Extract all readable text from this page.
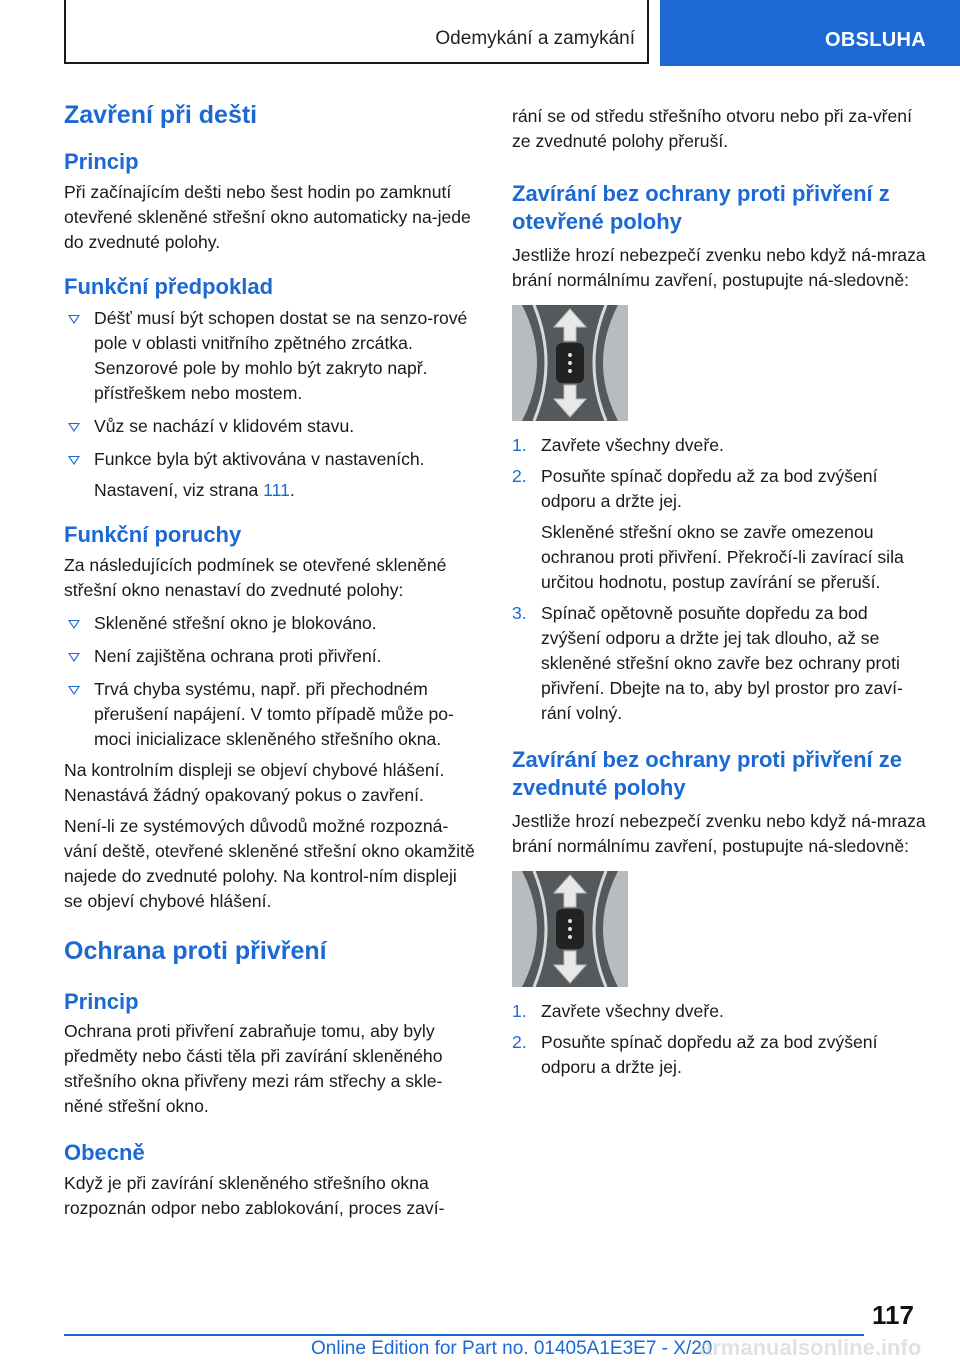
Odemykání a zamykání	OBSLUHA
Zavření při dešti
Princip

Při začínajícím dešti nebo šest hodin po zamknutí otevřené skleněné střešní okno automaticky na-jede do zvednuté polohy.

Funkční předpoklad
Déšť musí být schopen dostat se na senzo-rové pole v oblasti vnitřního zpětného zrcátka. Senzorové pole by mohlo být zakryto např. přístřeškem nebo mostem.
Vůz se nachází v klidovém stavu.
Funkce byla být aktivována v nastaveních.

Nastavení, viz strana 111.

Funkční poruchy

Za následujících podmínek se otevřené skleněné střešní okno nenastaví do zvednuté polohy:

Skleněné střešní okno je blokováno.
Není zajištěna ochrana proti přivření.
Trvá chyba systému, např. při přechodném přerušení napájení. V tomto případě může po-moci inicializace skleněného střešního okna.

Na kontrolním displeji se objeví chybové hlášení. Nenastává žádný opakovaný pokus o zavření.

Není-li ze systémových důvodů možné rozpozná-vání deště, otevřené skleněné střešní okno okamžitě najede do zvednuté polohy. Na kontrol-ním displeji se objeví chybové hlášení.

Ochrana proti přivření
Princip

Ochrana proti přivření zabraňuje tomu, aby byly předměty nebo části těla při zavírání skleněného střešního okna přivřeny mezi rám střechy a skle-něné střešní okno.

Obecně

Když je při zavírání skleněného střešního okna rozpoznán odpor nebo zablokování, proces zaví-

rání se od středu střešního otvoru nebo při za-vření ze zvednuté polohy přeruší.

Zavírání bez ochrany proti přivření z otevřené polohy

Jestliže hrozí nebezpečí zvenku nebo když ná-mraza brání normálnímu zavření, postupujte ná-sledovně:

1. Zavřete všechny dveře.
2. Posuňte spínač dopředu až za bod zvýšení odporu a držte jej.

Skleněné střešní okno se zavře omezenou ochranou proti přivření. Překročí-li zavírací sila určitou hodnotu, postup zavírání se přeruší.

3. Spínač opětovně posuňte dopředu za bod zvýšení odporu a držte jej tak dlouho, až se skleněné střešní okno zavře bez ochrany proti přivření. Dbejte na to, aby byl prostor pro zaví-rání volný.
Zavírání bez ochrany proti přivření ze zvednuté polohy

Jestliže hrozí nebezpečí zvenku nebo když ná-mraza brání normálnímu zavření, postupujte ná-sledovně:

1. Zavřete všechny dveře.
2. Posuňte spínač dopředu až za bod zvýšení odporu a držte jej.
117
Online Edition for Part no. 01405A1E3E7 - X/20
armanualsonline.info
